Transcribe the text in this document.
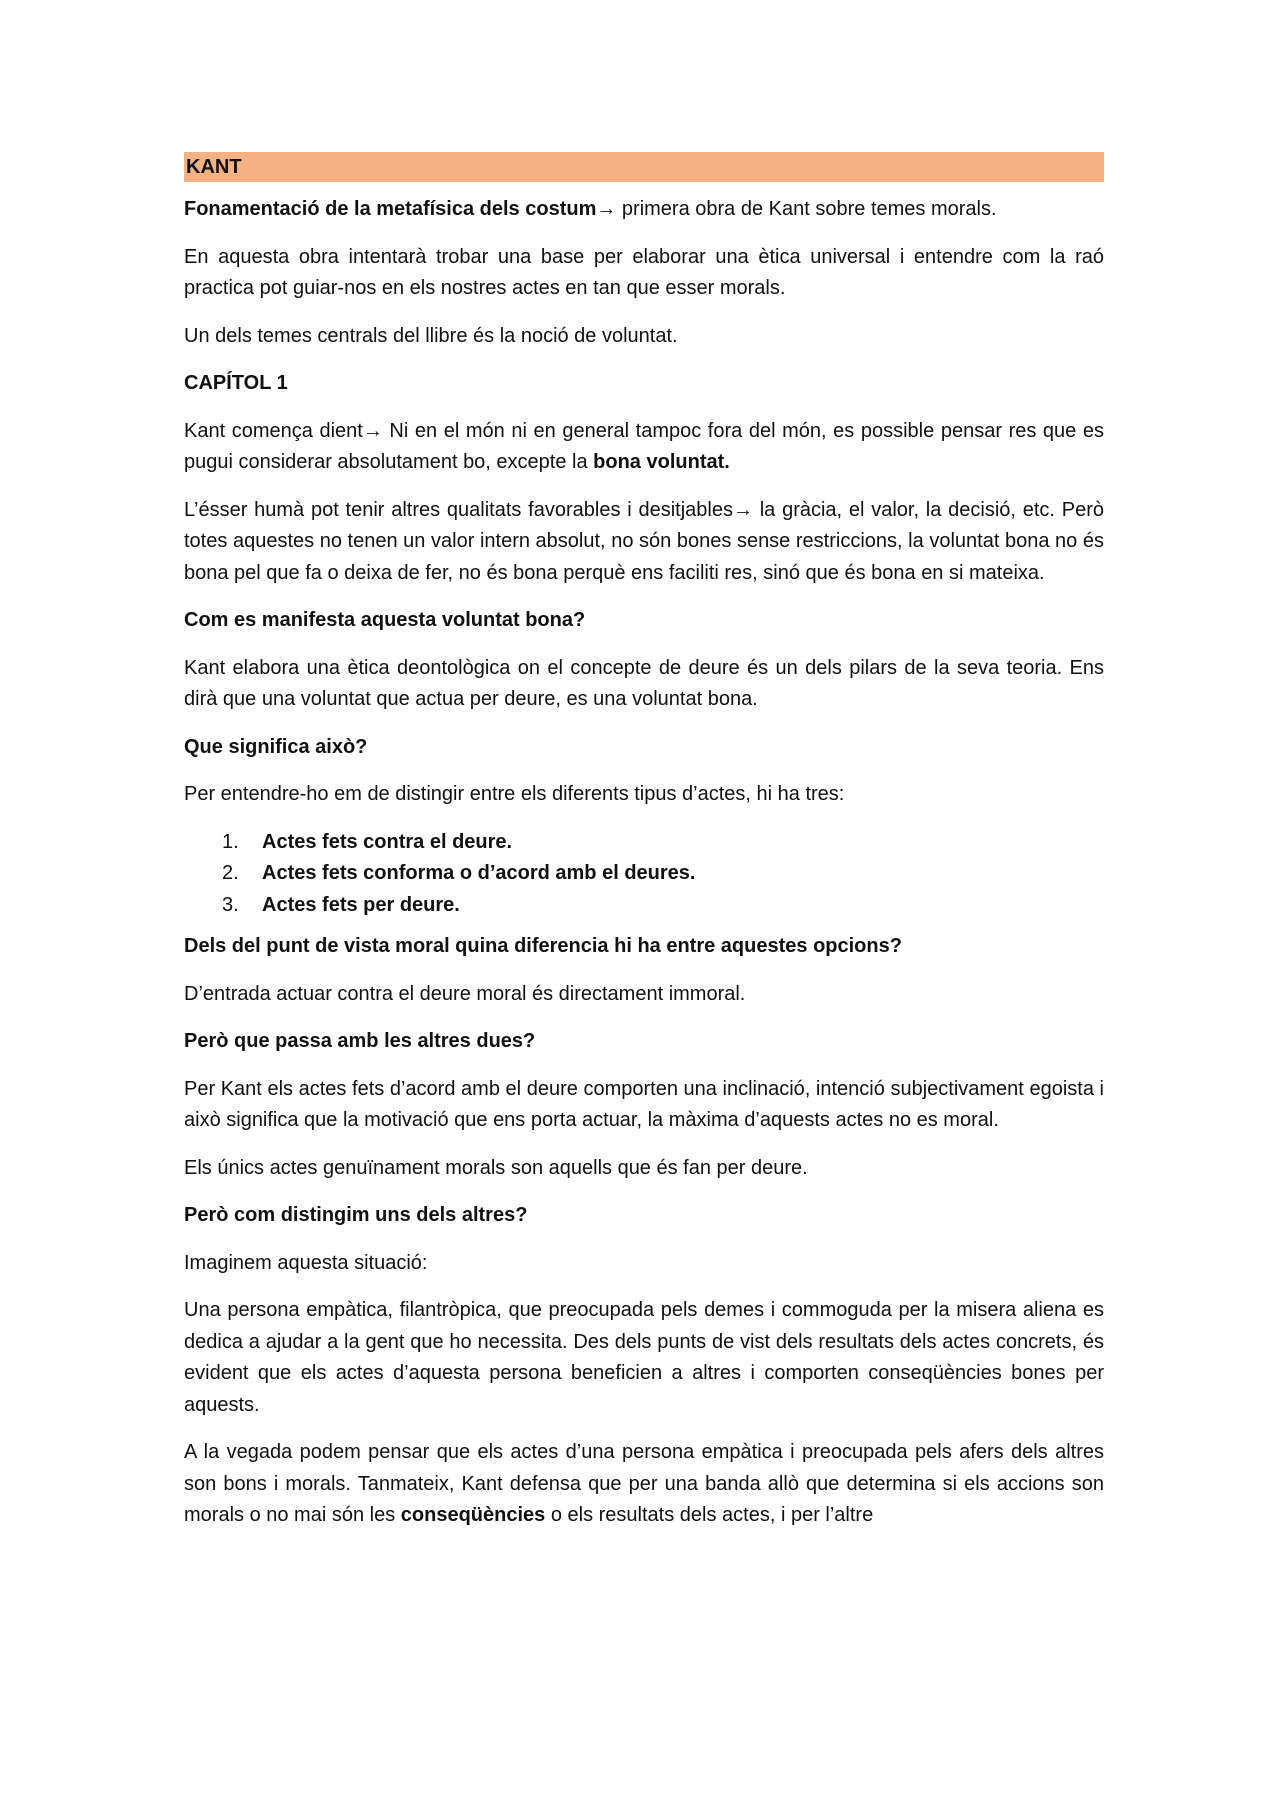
KANT

Fonamentació de la metafísica dels costum→ primera obra de Kant sobre temes morals.

En aquesta obra intentarà trobar una base per elaborar una ètica universal i entendre com la raó practica pot guiar-nos en els nostres actes en tan que esser morals.

Un dels temes centrals del llibre és la noció de voluntat.

CAPÍTOL 1

Kant comença dient→ Ni en el món ni en general tampoc fora del món, es possible pensar res que es pugui considerar absolutament bo, excepte la bona voluntat.

L’ésser humà pot tenir altres qualitats favorables i desitjables→ la gràcia, el valor, la decisió, etc. Però totes aquestes no tenen un valor intern absolut, no són bones sense restriccions, la voluntat bona no és bona pel que fa o deixa de fer, no és bona perquè ens faciliti res, sinó que és bona en si mateixa.

Com es manifesta aquesta voluntat bona?

Kant elabora una ètica deontològica on el concepte de deure és un dels pilars de la seva teoria. Ens dirà que una voluntat que actua per deure, es una voluntat bona.

Que significa això?

Per entendre-ho em de distingir entre els diferents tipus d’actes, hi ha tres:

1.	Actes fets contra el deure.
2.	Actes fets conforma o d’acord amb el deures.
3.	Actes fets per deure.

Dels del punt de vista moral quina diferencia hi ha entre aquestes opcions?

D’entrada actuar contra el deure moral és directament immoral.

Però que passa amb les altres dues?

Per Kant els actes fets d’acord amb el deure comporten una inclinació, intenció subjectivament egoista i això significa que la motivació que ens porta actuar, la màxima d’aquests actes no es moral.

Els únics actes genuïnament morals son aquells que és fan per deure.

Però com distingim uns dels altres?

Imaginem aquesta situació:

Una persona empàtica, filantròpica, que preocupada pels demes i commoguda per la misera aliena es dedica a ajudar a la gent que ho necessita. Des dels punts de vist dels resultats dels actes concrets, és evident que els actes d’aquesta persona beneficien a altres i comporten conseqüències bones per aquests.

A la vegada podem pensar que els actes d’una persona empàtica i preocupada pels afers dels altres son bons i morals. Tanmateix, Kant defensa que per una banda allò que determina si els accions son morals o no mai són les conseqüències o els resultats dels actes, i per l’altre
